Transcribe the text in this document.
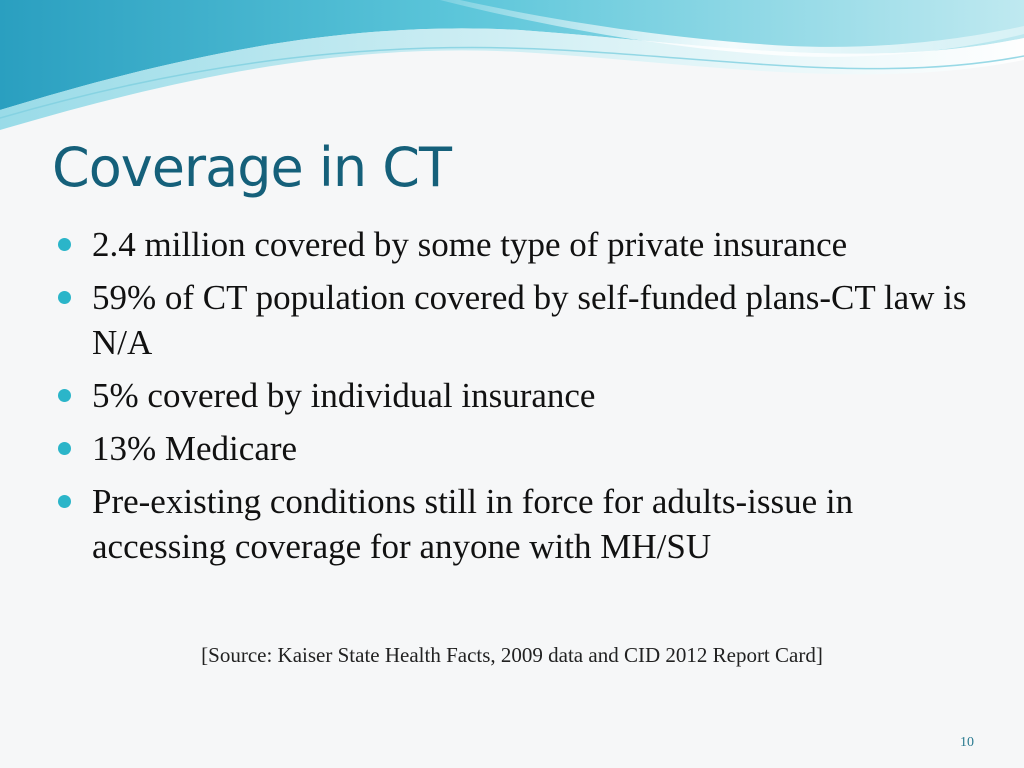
Coverage in CT
2.4 million covered by some type of private insurance
59% of CT population covered by self-funded plans-CT law is N/A
5% covered by individual insurance
13% Medicare
Pre-existing conditions still in force for adults-issue in accessing coverage for anyone with MH/SU
[Source: Kaiser State Health Facts, 2009 data and CID 2012 Report Card]
10
